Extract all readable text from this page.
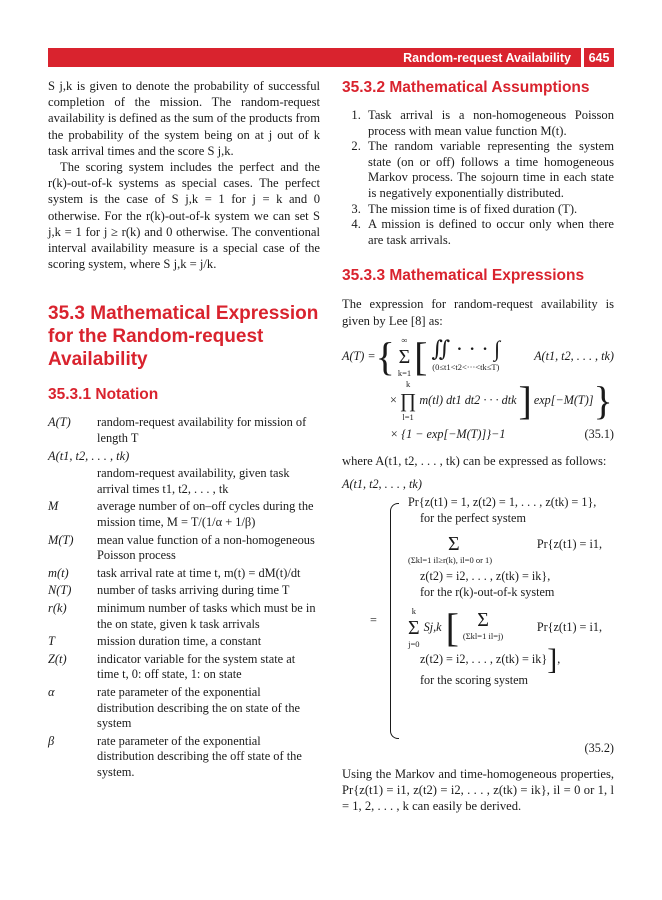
Random-request Availability	645

S j,k is given to denote the probability of successful completion of the mission. The random-request availability is defined as the sum of the products from the probability of the system being on at j out of k task arrival times and the score S j,k.

The scoring system includes the perfect and the r(k)-out-of-k systems as special cases. The perfect system is the case of S j,k = 1 for j = k and 0 otherwise. For the r(k)-out-of-k system we can set S j,k = 1 for j ≥ r(k) and 0 otherwise. The conventional interval availability measure is a special case of the scoring system, where S j,k = j/k.

35.3 Mathematical Expression for the Random-request Availability
35.3.1 Notation
A(T)	random-request availability for mission of length T
A(t1, t2, . . . , tk)
random-request availability, given task arrival times t1, t2, . . . , tk
M	average number of on–off cycles during the mission time, M = T/(1/α + 1/β)
M(T)	mean value function of a non-homogeneous Poisson process
m(t)	task arrival rate at time t, m(t) = dM(t)/dt
N(T)	number of tasks arriving during time T
r(k)	minimum number of tasks which must be in the on state, given k task arrivals
T	mission duration time, a constant
Z(t)	indicator variable for the system state at time t, 0: off state, 1: on state
α	rate parameter of the exponential distribution describing the on state of the system
β	rate parameter of the exponential distribution describing the off state of the system.
35.3.2 Mathematical Assumptions
1. Task arrival is a non-homogeneous Poisson process with mean value function M(t).
2. The random variable representing the system state (on or off) follows a time homogeneous Markov process. The sojourn time in each state is negatively exponentially distributed.
3. The mission time is of fixed duration (T).
4. A mission is defined to occur only when there are task arrivals.
35.3.3 Mathematical Expressions

The expression for random-request availability is given by Lee [8] as:

A(T) = { ∞
Σ
k=1 [ ∬ · · · ∫
(0≤t1<t2<···<tk≤T)
A(t1, t2, . . . , tk)
×
k
∏
l=1
m(tl) dt1 dt2 · · · dtk ] exp[−M(T)] }
× {1 − exp[−M(T)]}−1	(35.1)

where A(t1, t2, . . . , tk) can be expressed as follows:

A(t1, t2, . . . , tk)
=
Pr{z(t1) = 1, z(t2) = 1, . . . , z(tk) = 1},
for the perfect system
Σ	Pr{z(t1) = i1,
(Σkl=1 il≥r(k), il=0 or 1)
z(t2) = i2, . . . , z(tk) = ik},
for the r(k)-out-of-k system
k
Σ
j=0
Sj,k [ Σ
(Σkl=1 il=j)
Pr{z(t1) = i1,
z(t2) = i2, . . . , z(tk) = ik} ] ,
for the scoring system
(35.2)

Using the Markov and time-homogeneous properties, Pr{z(t1) = i1, z(t2) = i2, . . . , z(tk) = ik}, il = 0 or 1, l = 1, 2, . . . , k can easily be derived.
